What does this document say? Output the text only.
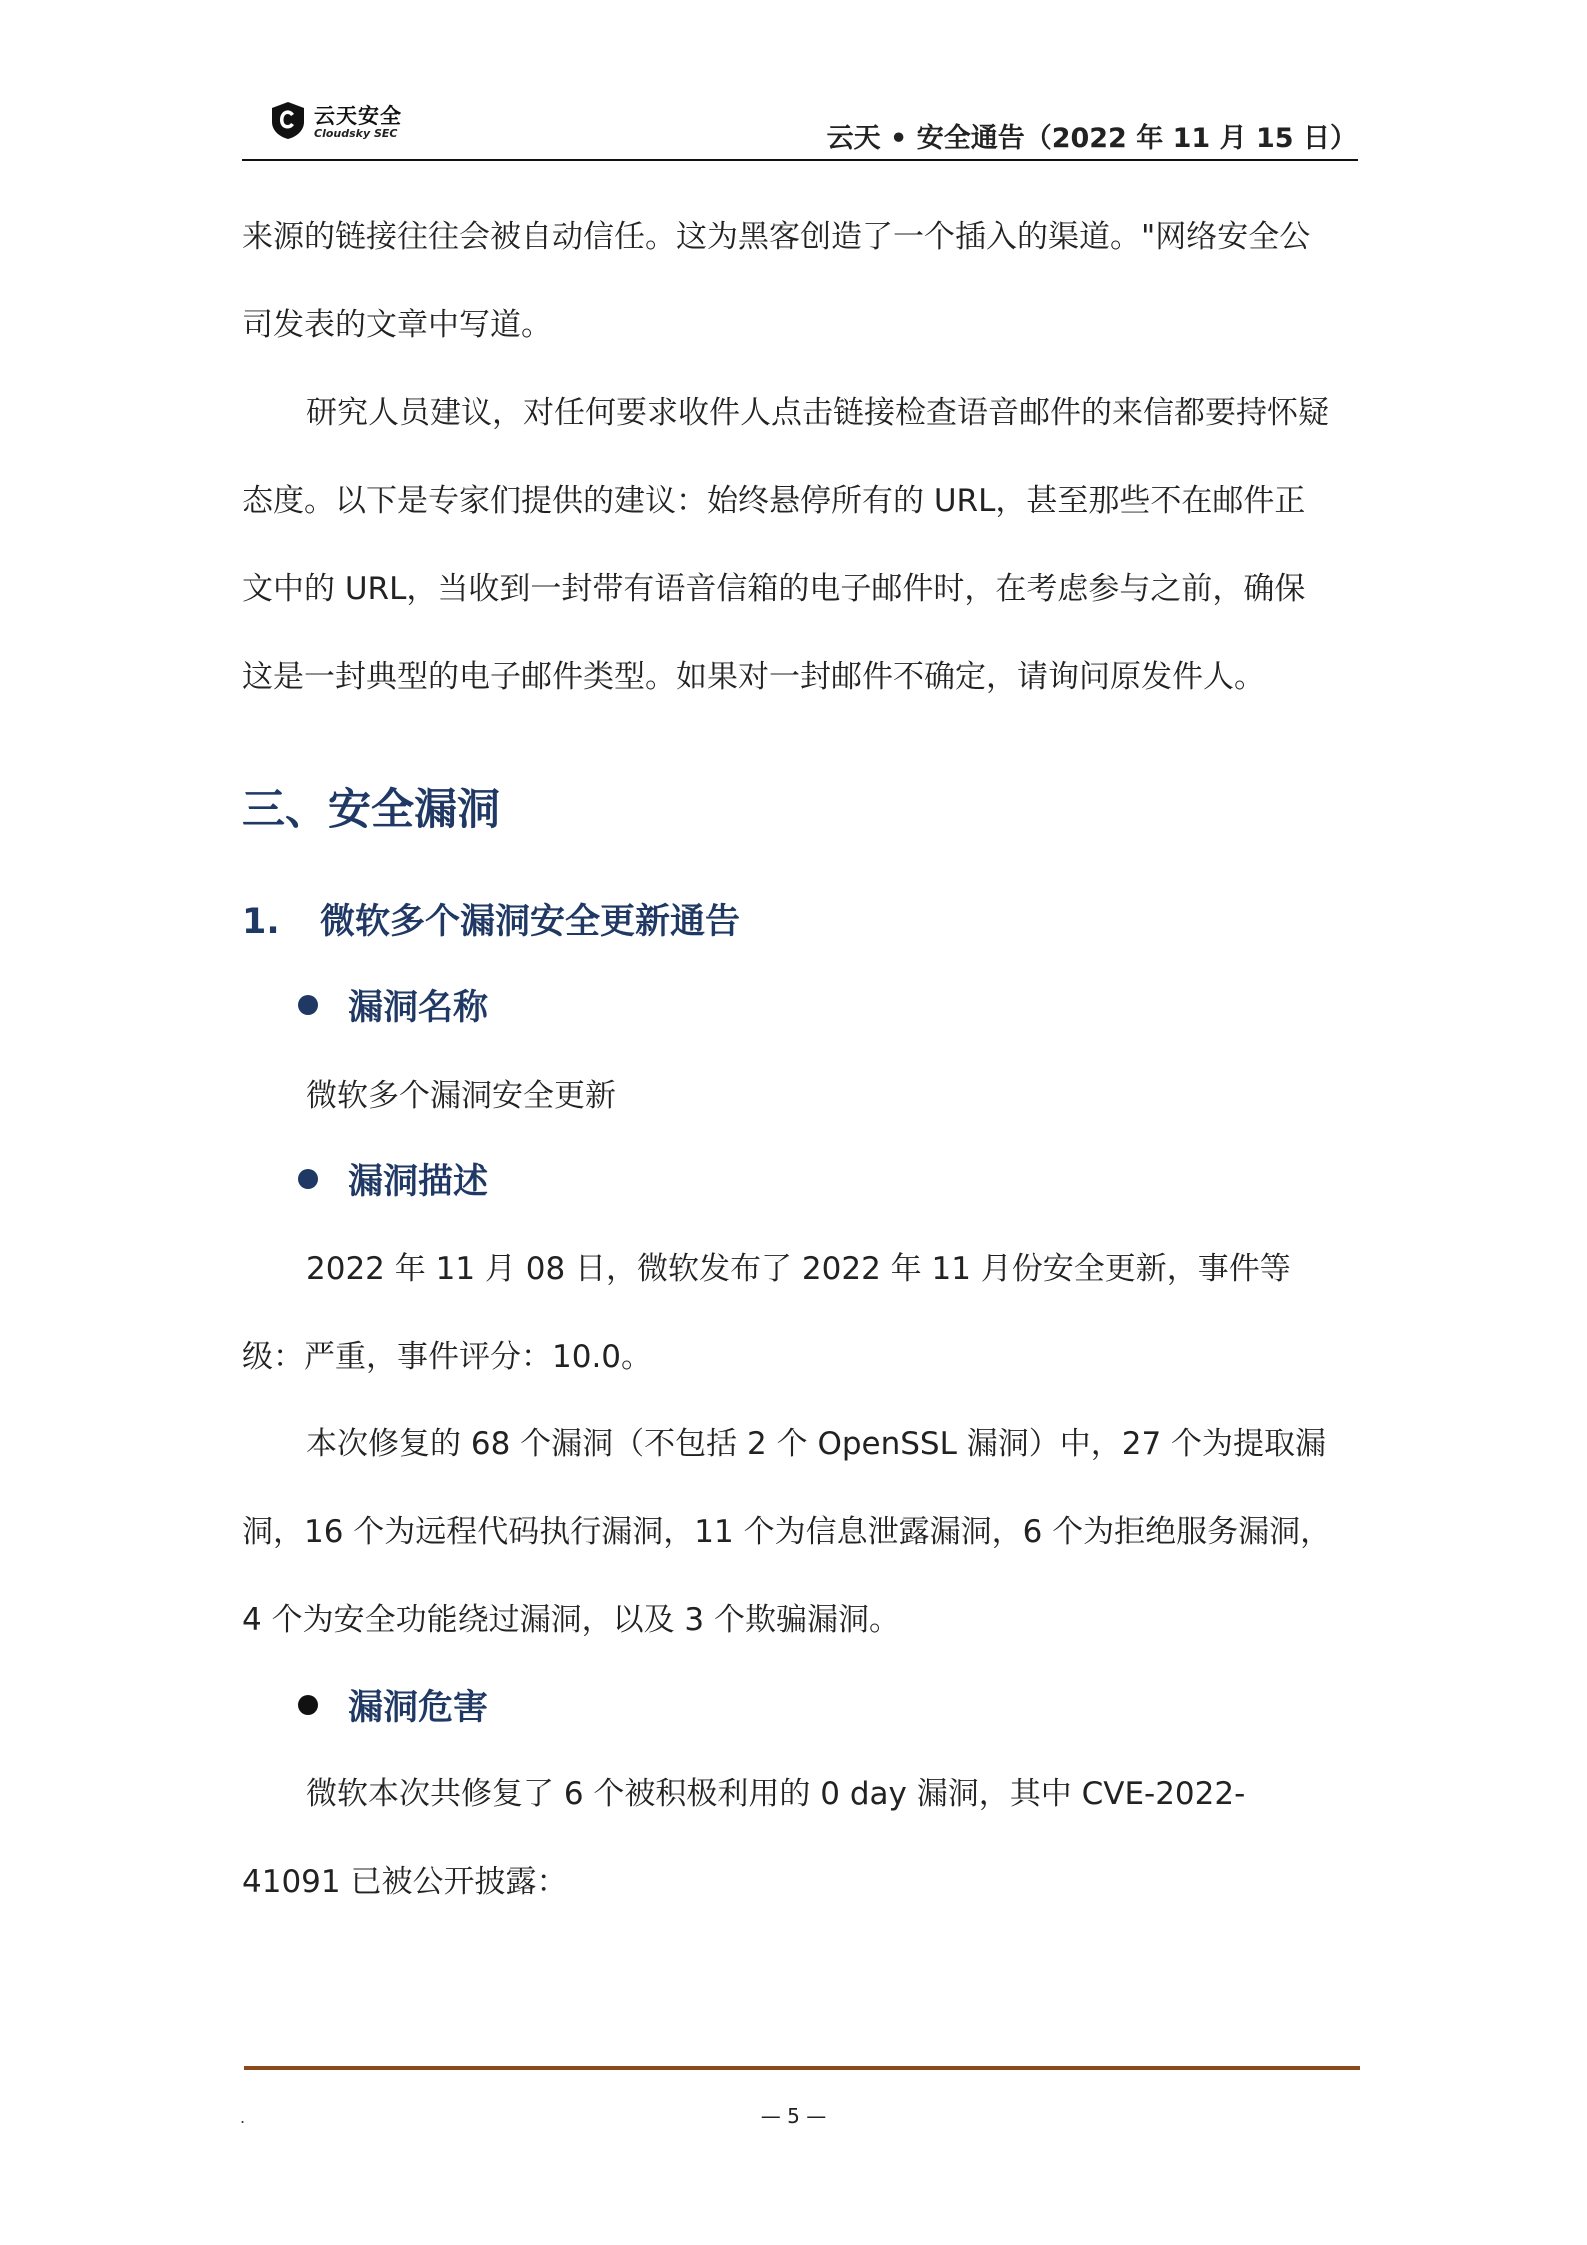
云天安全
Cloudsky SEC	云天 • 安全通告（2022 年 11 月 15 日）
来源的链接往往会被自动信任。这为黑客创造了一个插入的渠道。"网络安全公司发表的文章中写道。
研究人员建议，对任何要求收件人点击链接检查语音邮件的来信都要持怀疑态度。以下是专家们提供的建议：始终悬停所有的 URL，甚至那些不在邮件正文中的 URL，当收到一封带有语音信箱的电子邮件时，在考虑参与之前，确保这是一封典型的电子邮件类型。如果对一封邮件不确定，请询问原发件人。
三、安全漏洞
1. 微软多个漏洞安全更新通告
漏洞名称
微软多个漏洞安全更新
漏洞描述
2022 年 11 月 08 日，微软发布了 2022 年 11 月份安全更新，事件等级：严重，事件评分：10.0。
本次修复的 68 个漏洞（不包括 2 个 OpenSSL 漏洞）中，27 个为提取漏洞，16 个为远程代码执行漏洞，11 个为信息泄露漏洞，6 个为拒绝服务漏洞，4 个为安全功能绕过漏洞，以及 3 个欺骗漏洞。
漏洞危害
微软本次共修复了 6 个被积极利用的 0 day 漏洞，其中 CVE-2022-41091 已被公开披露：
.	— 5 —
